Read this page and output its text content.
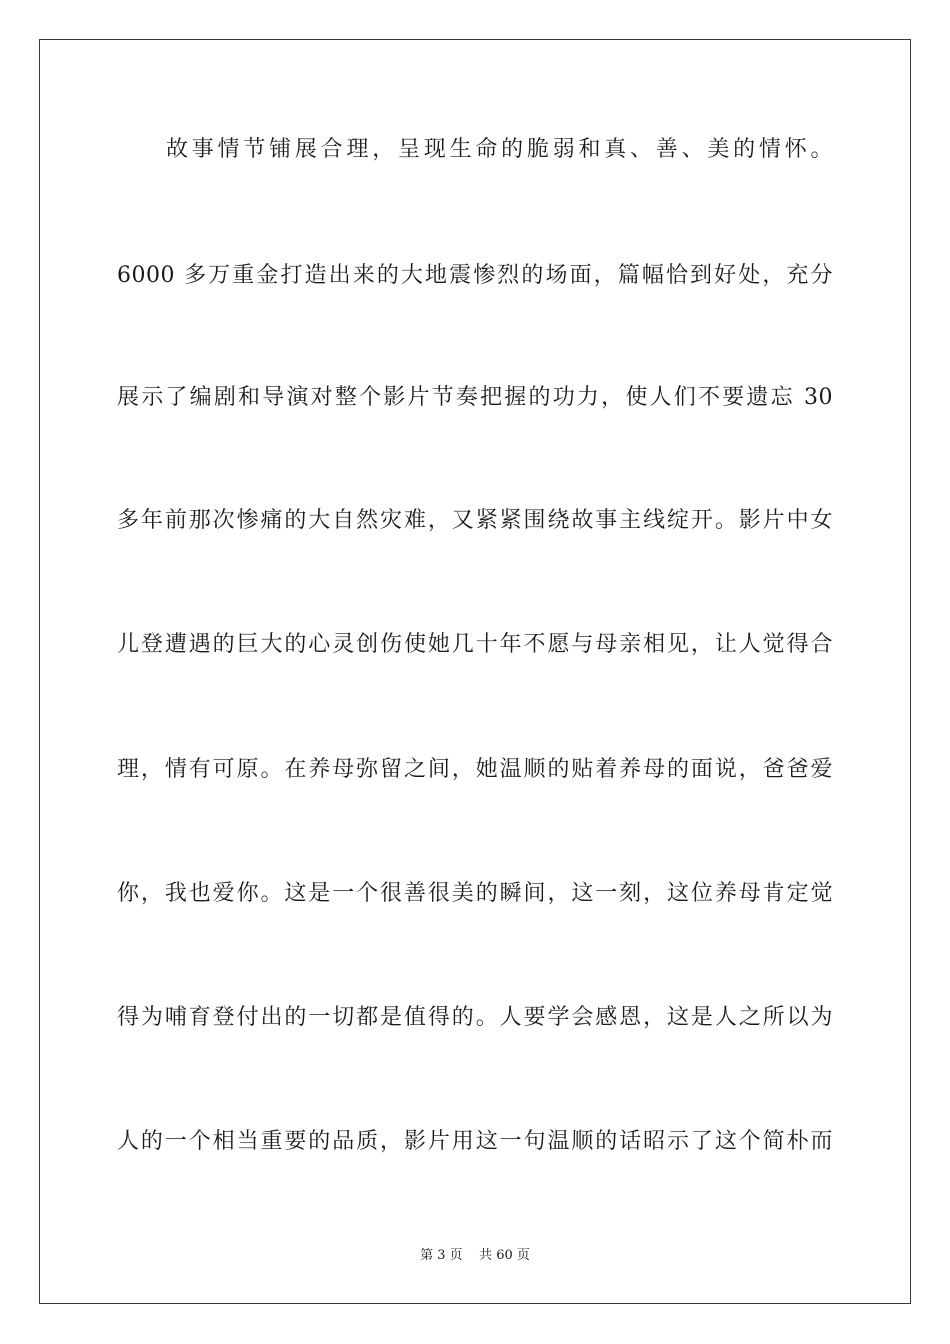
故事情节铺展合理，呈现生命的脆弱和真、善、美的情怀。
6000 多万重金打造出来的大地震惨烈的场面，篇幅恰到好处，充分
展示了编剧和导演对整个影片节奏把握的功力，使人们不要遗忘 30
多年前那次惨痛的大自然灾难，又紧紧围绕故事主线绽开。影片中女
儿登遭遇的巨大的心灵创伤使她几十年不愿与母亲相见，让人觉得合
理，情有可原。在养母弥留之间，她温顺的贴着养母的面说，爸爸爱
你，我也爱你。这是一个很善很美的瞬间，这一刻，这位养母肯定觉
得为哺育登付出的一切都是值得的。人要学会感恩，这是人之所以为
人的一个相当重要的品质，影片用这一句温顺的话昭示了这个简朴而
第 3 页    共 60 页
